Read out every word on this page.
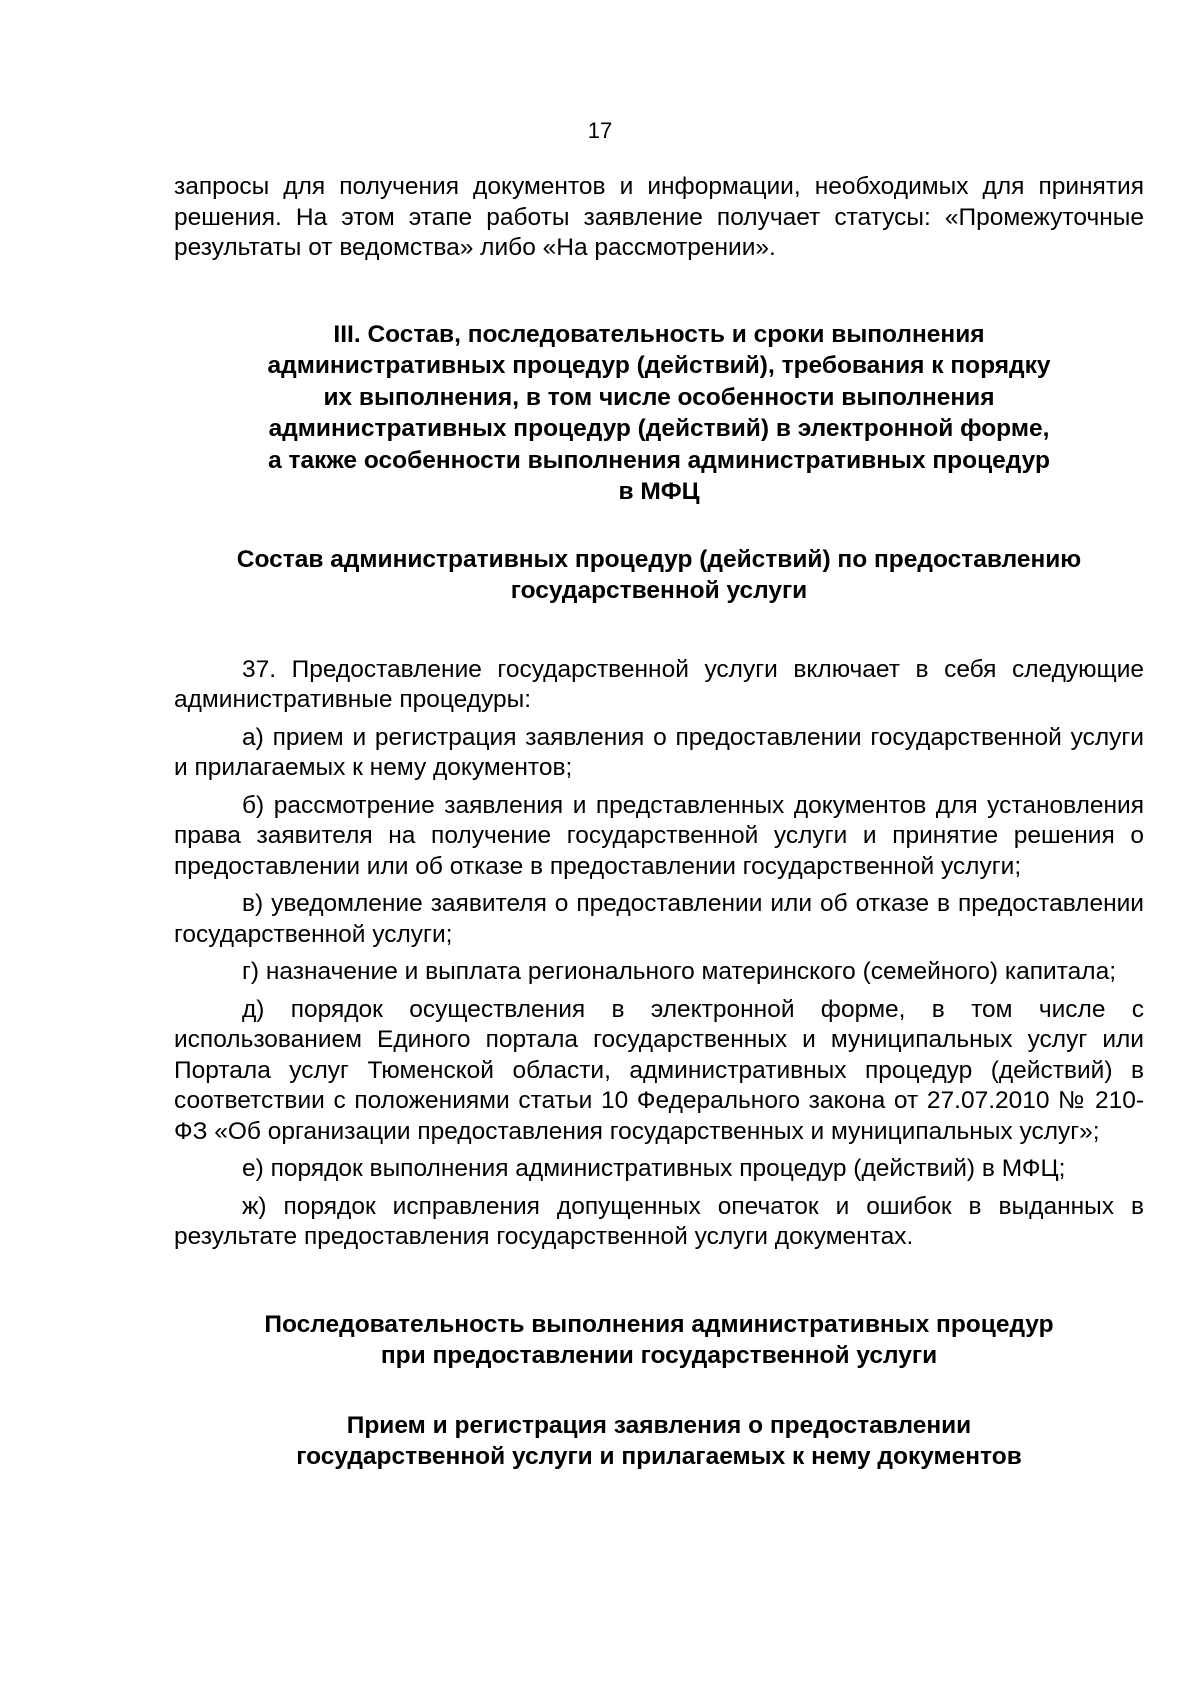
17

запросы для получения документов и информации, необходимых для принятия решения. На этом этапе работы заявление получает статусы: «Промежуточные результаты от ведомства» либо «На рассмотрении».

III. Состав, последовательность и сроки выполнения
административных процедур (действий), требования к порядку
их выполнения, в том числе особенности выполнения
административных процедур (действий) в электронной форме,
а также особенности выполнения административных процедур
в МФЦ
Состав административных процедур (действий) по предоставлению
государственной услуги

37. Предоставление государственной услуги включает в себя следующие административные процедуры:

а) прием и регистрация заявления о предоставлении государственной услуги и прилагаемых к нему документов;

б) рассмотрение заявления и представленных документов для установления права заявителя на получение государственной услуги и принятие решения о предоставлении или об отказе в предоставлении государственной услуги;

в) уведомление заявителя о предоставлении или об отказе в предоставлении государственной услуги;

г) назначение и выплата регионального материнского (семейного) капитала;

д) порядок осуществления в электронной форме, в том числе с использованием Единого портала государственных и муниципальных услуг или Портала услуг Тюменской области, административных процедур (действий) в соответствии с положениями статьи 10 Федерального закона от 27.07.2010 № 210-ФЗ «Об организации предоставления государственных и муниципальных услуг»;

е) порядок выполнения административных процедур (действий) в МФЦ;

ж) порядок исправления допущенных опечаток и ошибок в выданных в результате предоставления государственной услуги документах.

Последовательность выполнения административных процедур
при предоставлении государственной услуги
Прием и регистрация заявления о предоставлении
государственной услуги и прилагаемых к нему документов
